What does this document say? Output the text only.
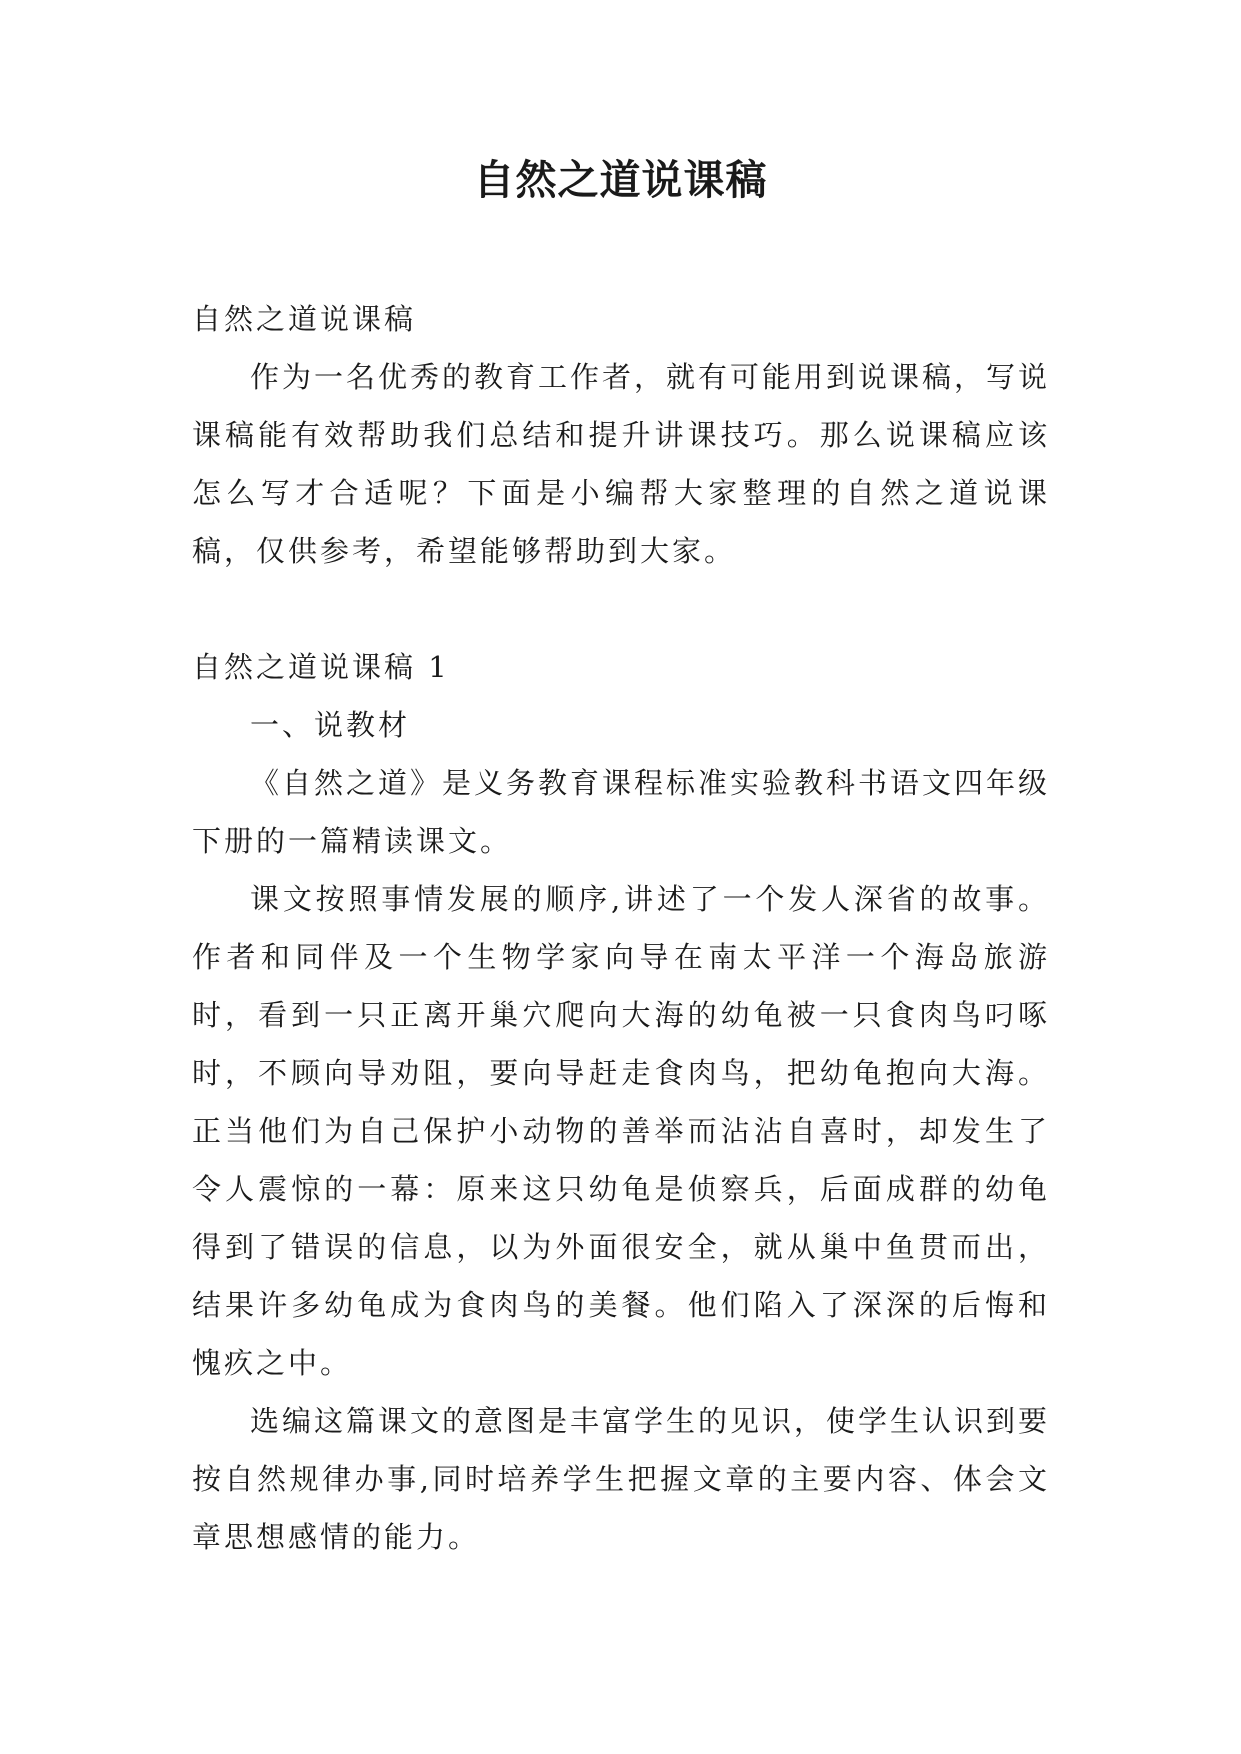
自然之道说课稿

自然之道说课稿

作为一名优秀的教育工作者，就有可能用到说课稿，写说课稿能有效帮助我们总结和提升讲课技巧。那么说课稿应该怎么写才合适呢？下面是小编帮大家整理的自然之道说课稿，仅供参考，希望能够帮助到大家。

自然之道说课稿 1

一、说教材

《自然之道》是义务教育课程标准实验教科书语文四年级下册的一篇精读课文。

课文按照事情发展的顺序,讲述了一个发人深省的故事。作者和同伴及一个生物学家向导在南太平洋一个海岛旅游时，看到一只正离开巢穴爬向大海的幼龟被一只食肉鸟叼啄时，不顾向导劝阻，要向导赶走食肉鸟，把幼龟抱向大海。正当他们为自己保护小动物的善举而沾沾自喜时，却发生了令人震惊的一幕：原来这只幼龟是侦察兵，后面成群的幼龟得到了错误的信息，以为外面很安全，就从巢中鱼贯而出，结果许多幼龟成为食肉鸟的美餐。他们陷入了深深的后悔和愧疚之中。

选编这篇课文的意图是丰富学生的见识，使学生认识到要按自然规律办事,同时培养学生把握文章的主要内容、体会文章思想感情的能力。
